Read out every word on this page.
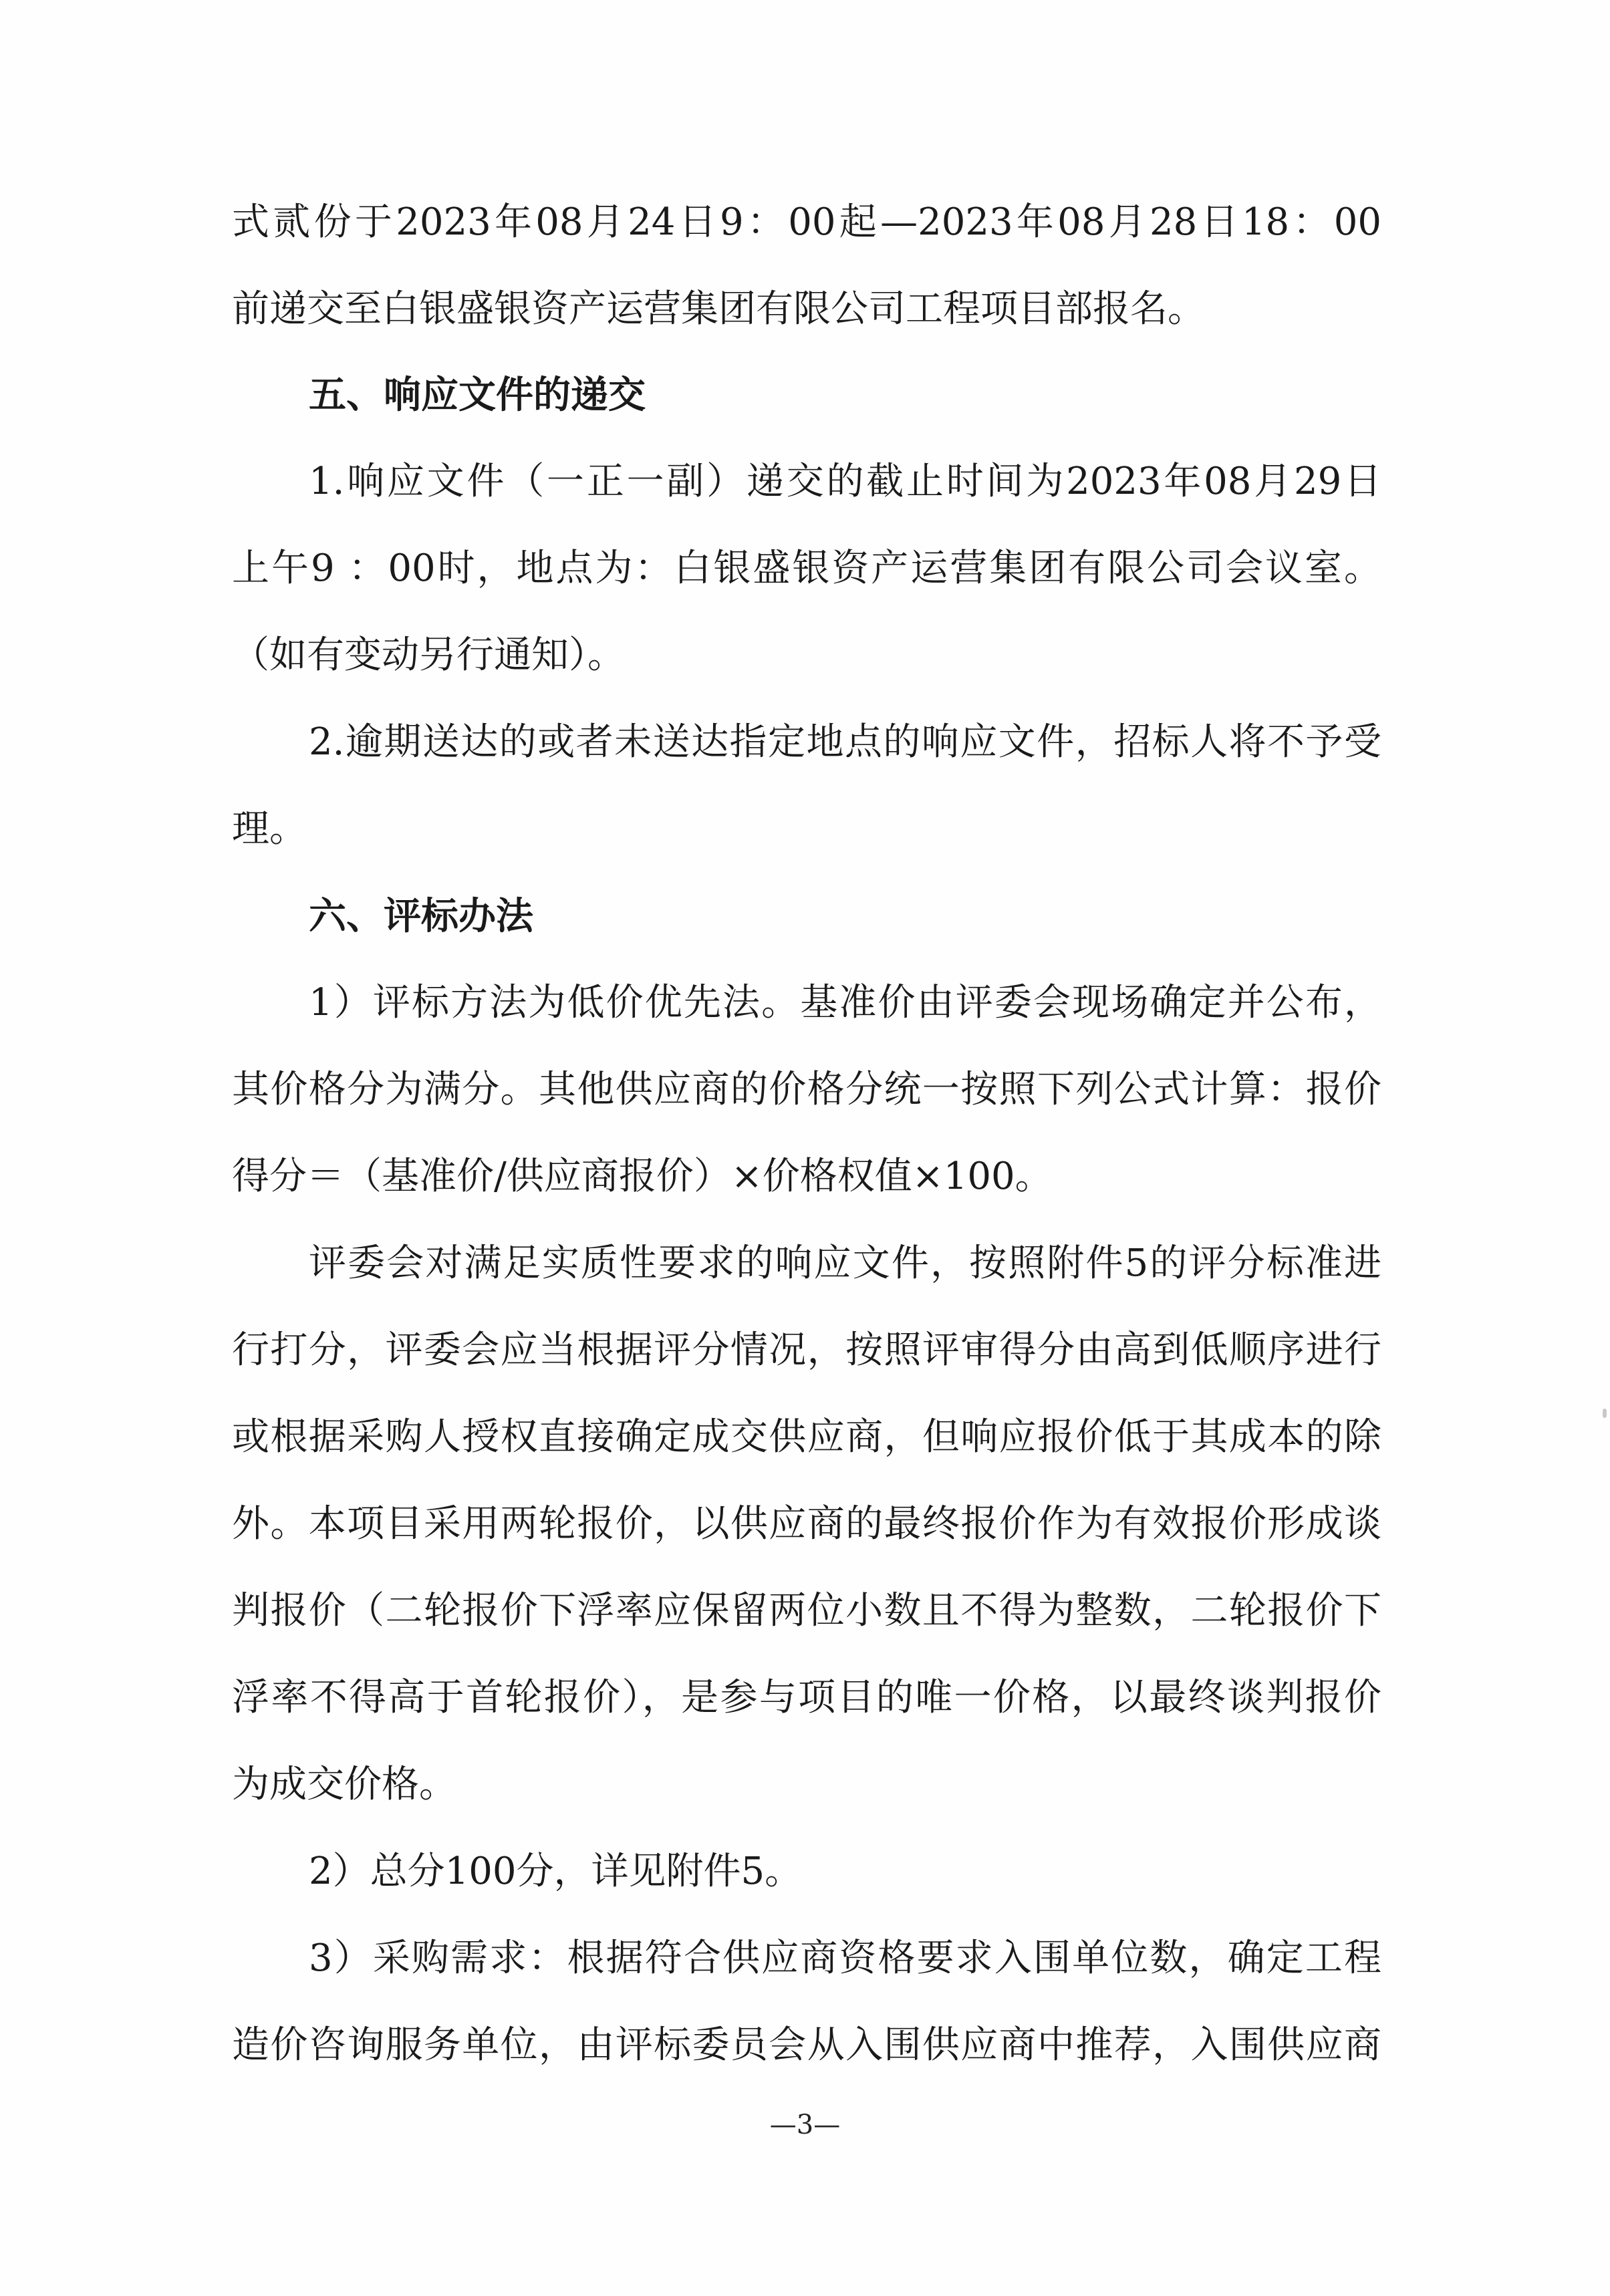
式贰份于2023年08月24日9：00起—2023年08月28日18：00

前递交至白银盛银资产运营集团有限公司工程项目部报名。

五、响应文件的递交

1.响应文件（一正一副）递交的截止时间为2023年08月29日

上午9 ：00时，地点为：白银盛银资产运营集团有限公司会议室。

（如有变动另行通知）。

2.逾期送达的或者未送达指定地点的响应文件，招标人将不予受

理。

六、评标办法

1）评标方法为低价优先法。基准价由评委会现场确定并公布，

其价格分为满分。其他供应商的价格分统一按照下列公式计算：报价

得分＝（基准价/供应商报价）×价格权值×100。

评委会对满足实质性要求的响应文件，按照附件5的评分标准进

行打分，评委会应当根据评分情况，按照评审得分由高到低顺序进行

或根据采购人授权直接确定成交供应商，但响应报价低于其成本的除

外。本项目采用两轮报价，以供应商的最终报价作为有效报价形成谈

判报价（二轮报价下浮率应保留两位小数且不得为整数，二轮报价下

浮率不得高于首轮报价），是参与项目的唯一价格，以最终谈判报价

为成交价格。

2）总分100分，详见附件5。

3）采购需求：根据符合供应商资格要求入围单位数，确定工程

造价咨询服务单位，由评标委员会从入围供应商中推荐，入围供应商

—3—
